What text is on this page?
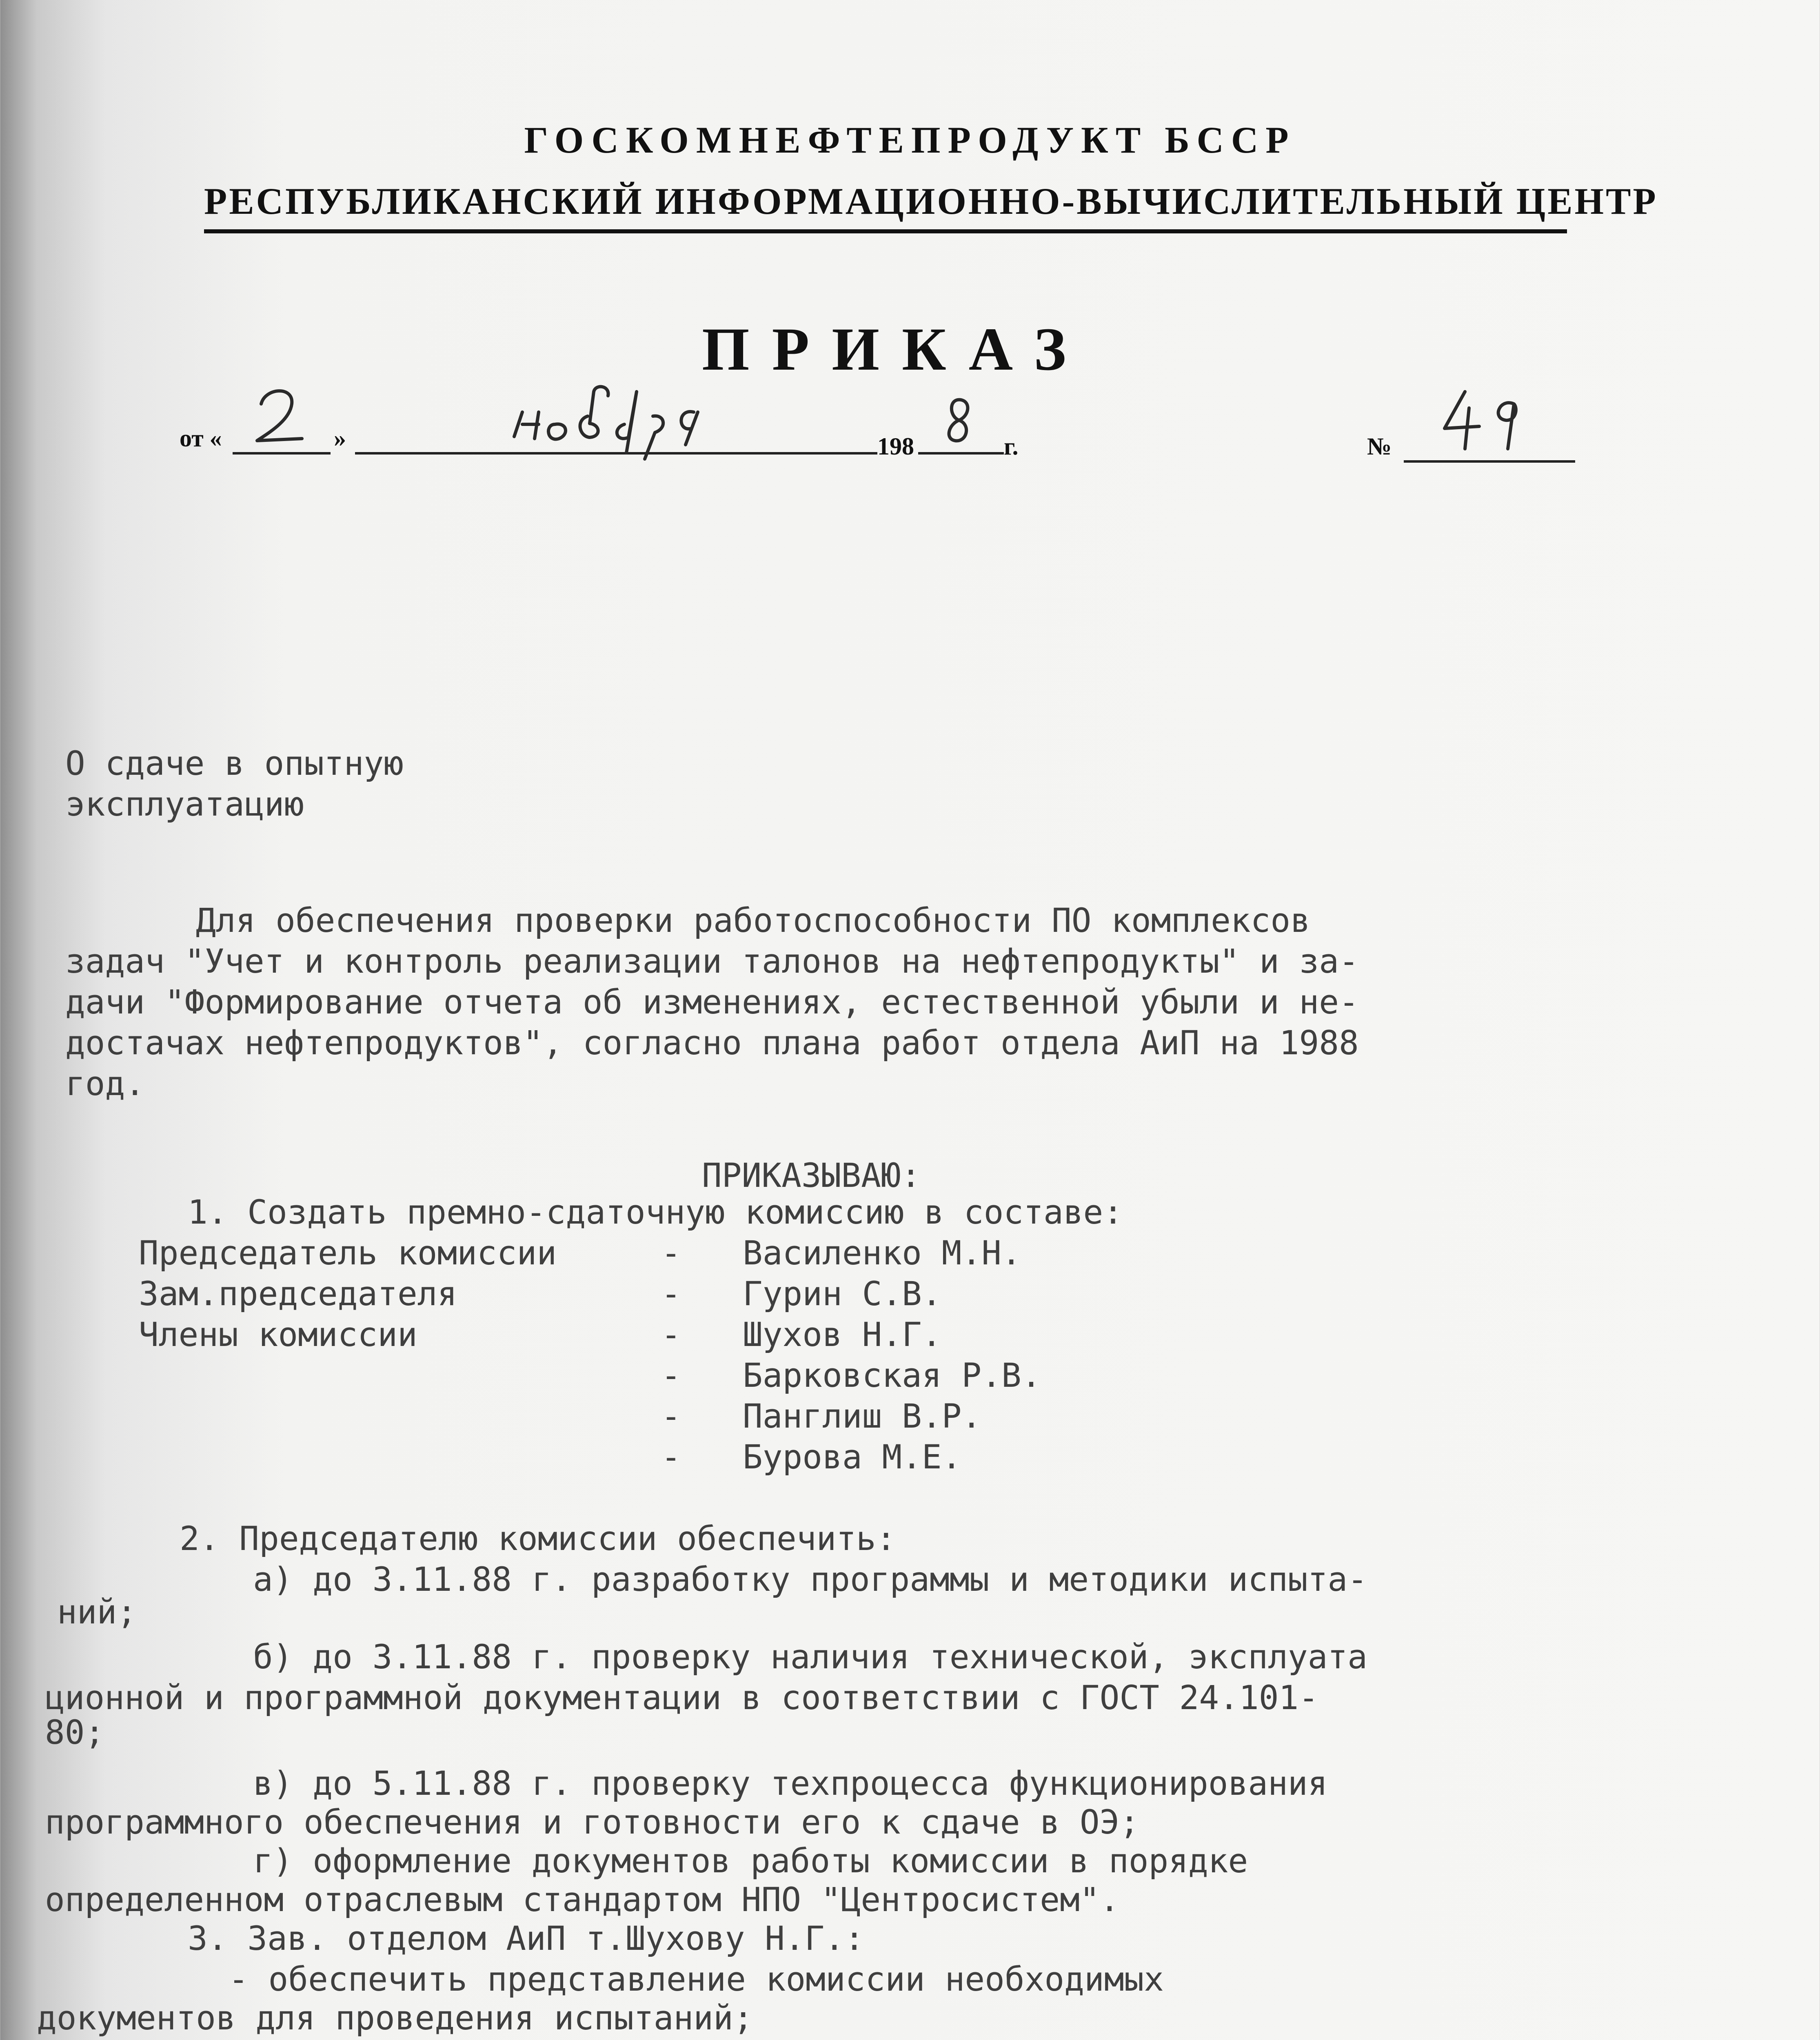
ГОСКОМНЕФТЕПРОДУКТ БССР
РЕСПУБЛИКАНСКИЙ ИНФОРМАЦИОННО-ВЫЧИСЛИТЕЛЬНЫЙ ЦЕНТР
ПРИКАЗ
от «	»	198	г.	№
О сдаче в опытную
эксплуатацию
Для обеспечения проверки работоспособности ПО комплексов
задач "Учет и контроль реализации талонов на нефтепродукты" и за-
дачи "Формирование отчета об изменениях, естественной убыли и не-
достачах нефтепродуктов", согласно плана работ отдела АиП на 1988
год.
ПРИКАЗЫВАЮ:
1. Создать премно-сдаточную комиссию в составе:
Председатель комиссии	- Василенко М.Н.
Зам.председателя	- Гурин С.В.
Члены комиссии	- Шухов Н.Г.
- Барковская Р.В.
- Панглиш В.Р.
- Бурова М.Е.
2. Председателю комиссии обеспечить:
а) до 3.11.88 г. разработку программы и методики испыта-
ний;
б) до 3.11.88 г. проверку наличия технической, эксплуата
ционной и программной документации в соответствии с ГОСТ 24.101-
80;
в) до 5.11.88 г. проверку техпроцесса функционирования
программного обеспечения и готовности его к сдаче в ОЭ;
г) оформление документов работы комиссии в порядке
определенном отраслевым стандартом НПО "Центросистем".
3. Зав. отделом АиП т.Шухову Н.Г.:
- обеспечить представление комиссии необходимых
документов для проведения испытаний;
